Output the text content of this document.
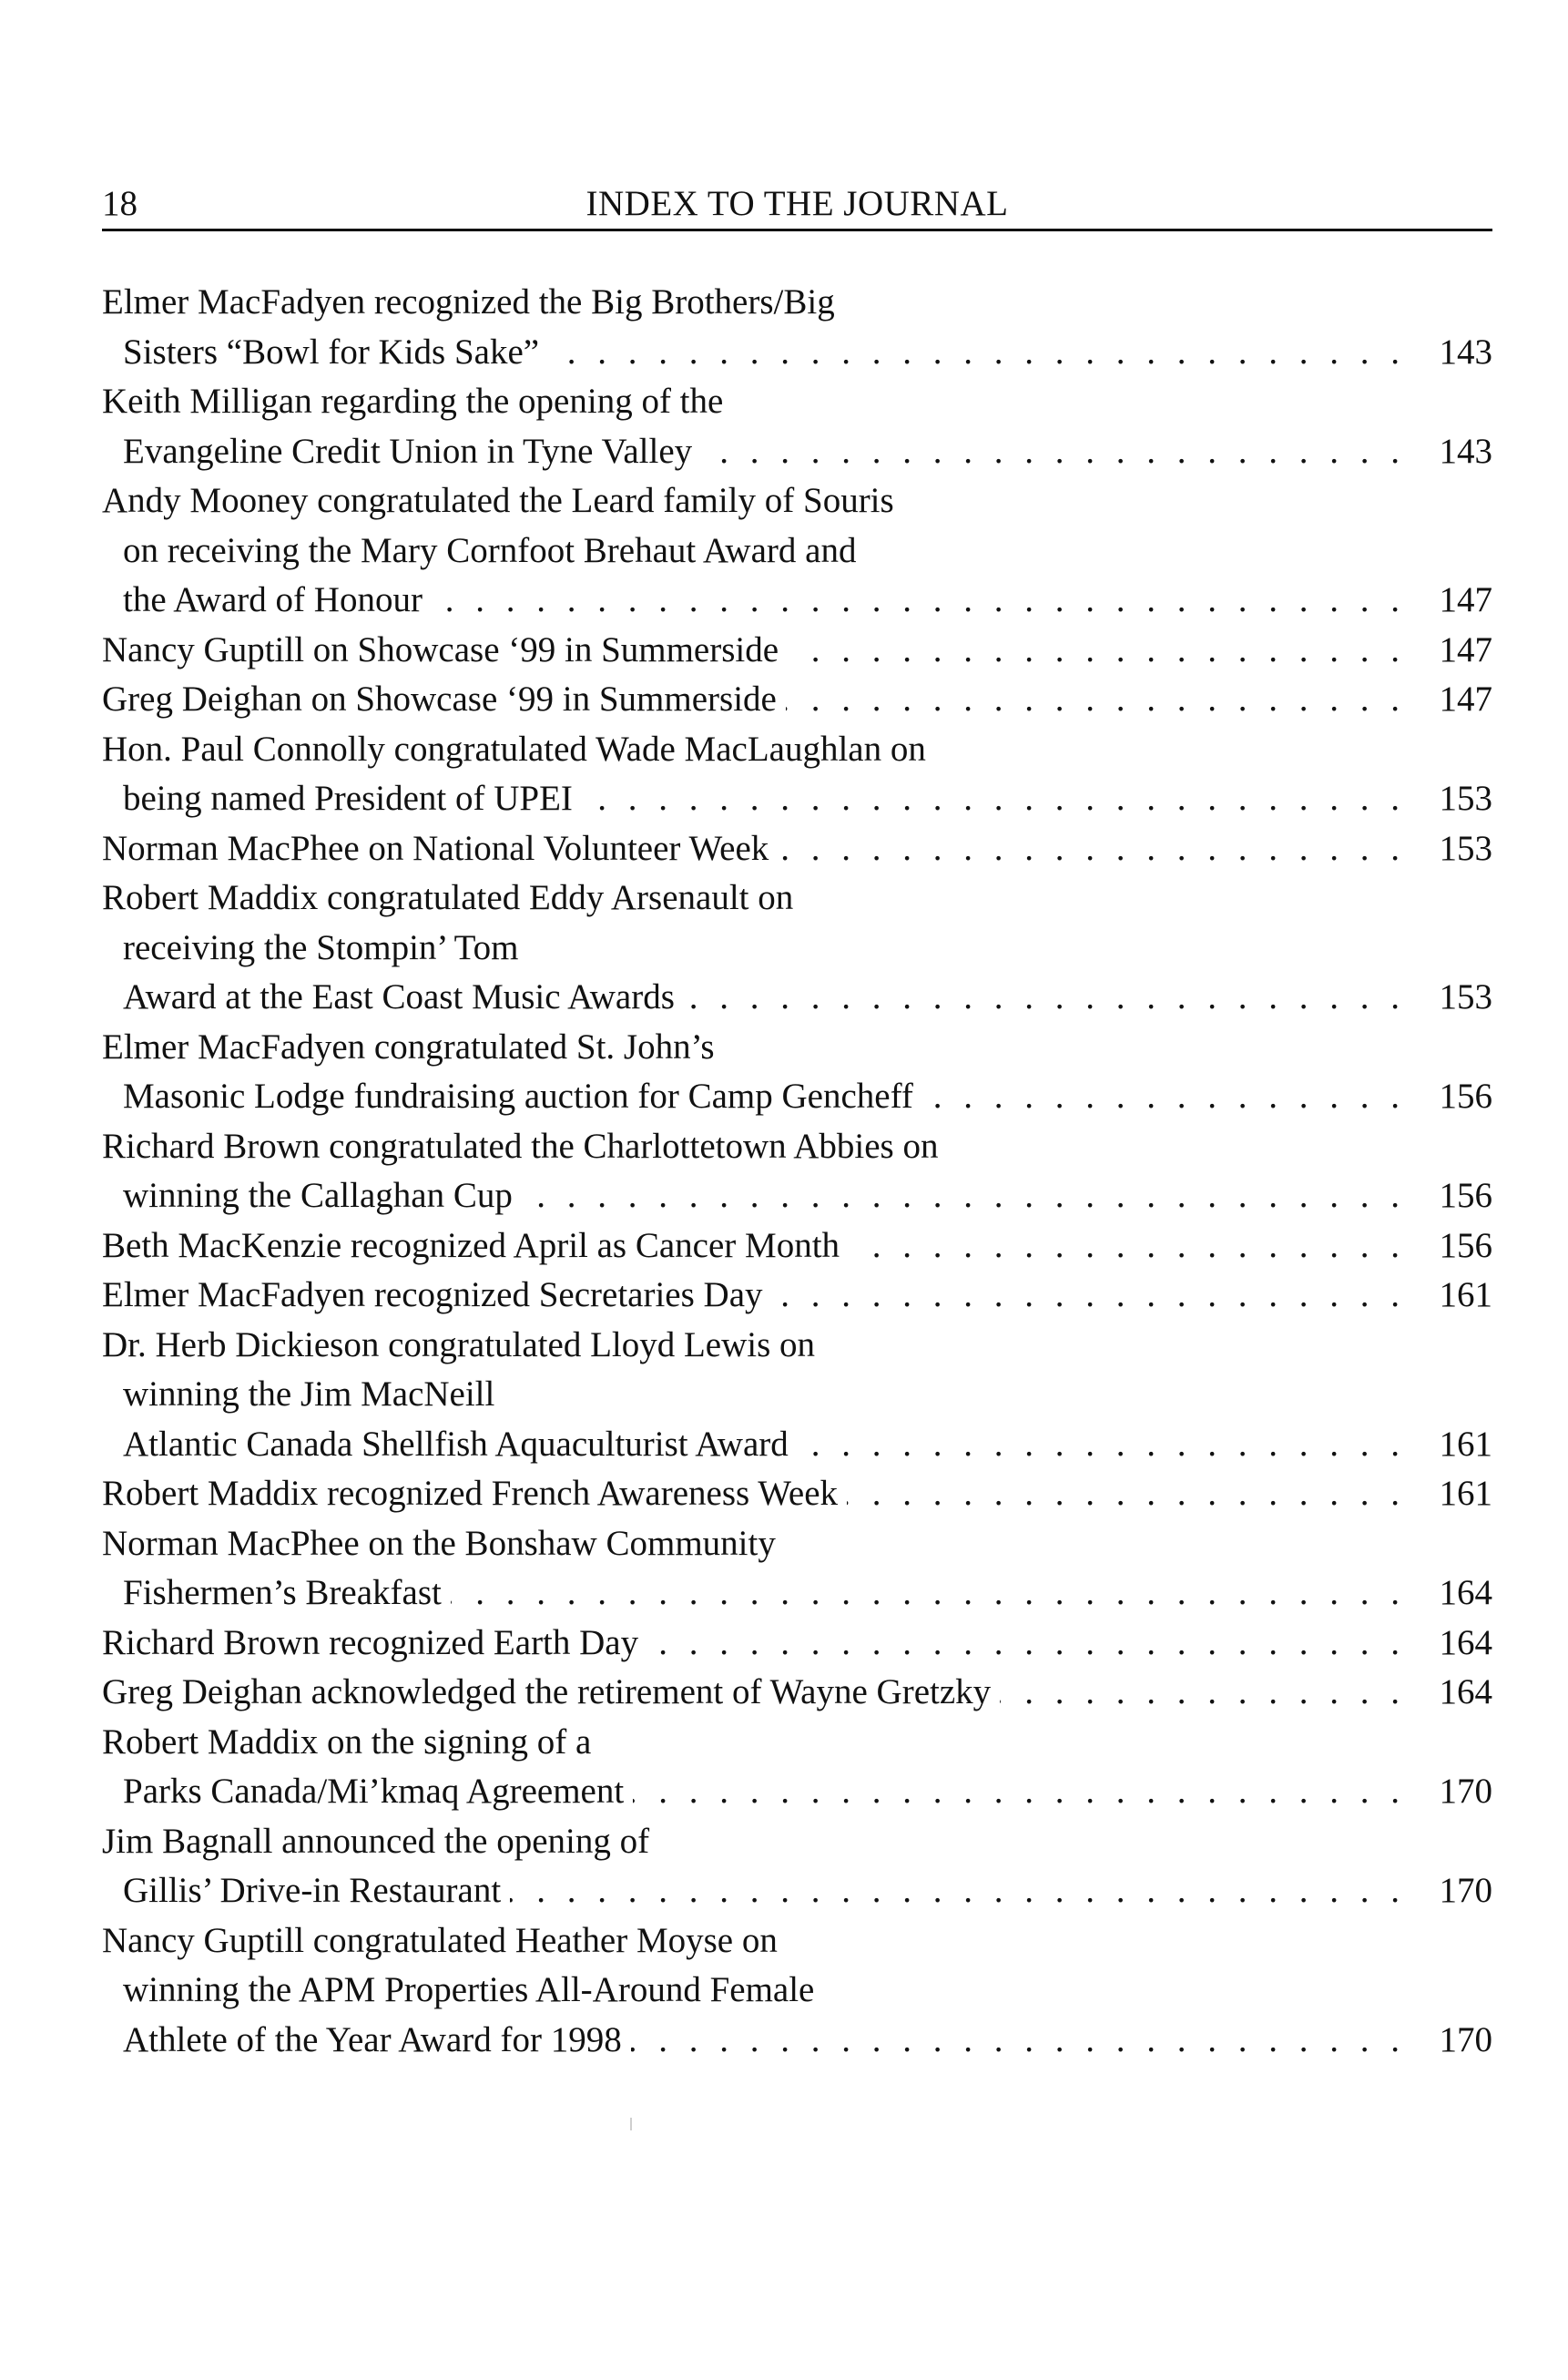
18	INDEX TO THE JOURNAL
Elmer MacFadyen recognized the Big Brothers/Big
Sisters “Bowl for Kids Sake” . . .	143
Keith Milligan regarding the opening of the
Evangeline Credit Union in Tyne Valley . . .	143
Andy Mooney congratulated the Leard family of Souris
on receiving the Mary Cornfoot Brehaut Award and
the Award of Honour . . .	147
Nancy Guptill on Showcase ‘99 in Summerside . . .	147
Greg Deighan on Showcase ‘99 in Summerside . . .	147
Hon. Paul Connolly congratulated Wade MacLaughlan on
being named President of UPEI . . .	153
Norman MacPhee on National Volunteer Week . . .	153
Robert Maddix congratulated Eddy Arsenault on
receiving the Stompin’ Tom
Award at the East Coast Music Awards . . .	153
Elmer MacFadyen congratulated St. John’s
Masonic Lodge fundraising auction for Camp Gencheff . . .	156
Richard Brown congratulated the Charlottetown Abbies on
winning the Callaghan Cup . . .	156
Beth MacKenzie recognized April as Cancer Month . . .	156
Elmer MacFadyen recognized Secretaries Day . . .	161
Dr. Herb Dickieson congratulated Lloyd Lewis on
winning the Jim MacNeill
Atlantic Canada Shellfish Aquaculturist Award . . .	161
Robert Maddix recognized French Awareness Week . . .	161
Norman MacPhee on the Bonshaw Community
Fishermen’s Breakfast . . .	164
Richard Brown recognized Earth Day . . .	164
Greg Deighan acknowledged the retirement of Wayne Gretzky . . .	164
Robert Maddix on the signing of a
Parks Canada/Mi’kmaq Agreement . . .	170
Jim Bagnall announced the opening of
Gillis’ Drive-in Restaurant . . .	170
Nancy Guptill congratulated Heather Moyse on
winning the APM Properties All-Around Female
Athlete of the Year Award for 1998 . . .	170
